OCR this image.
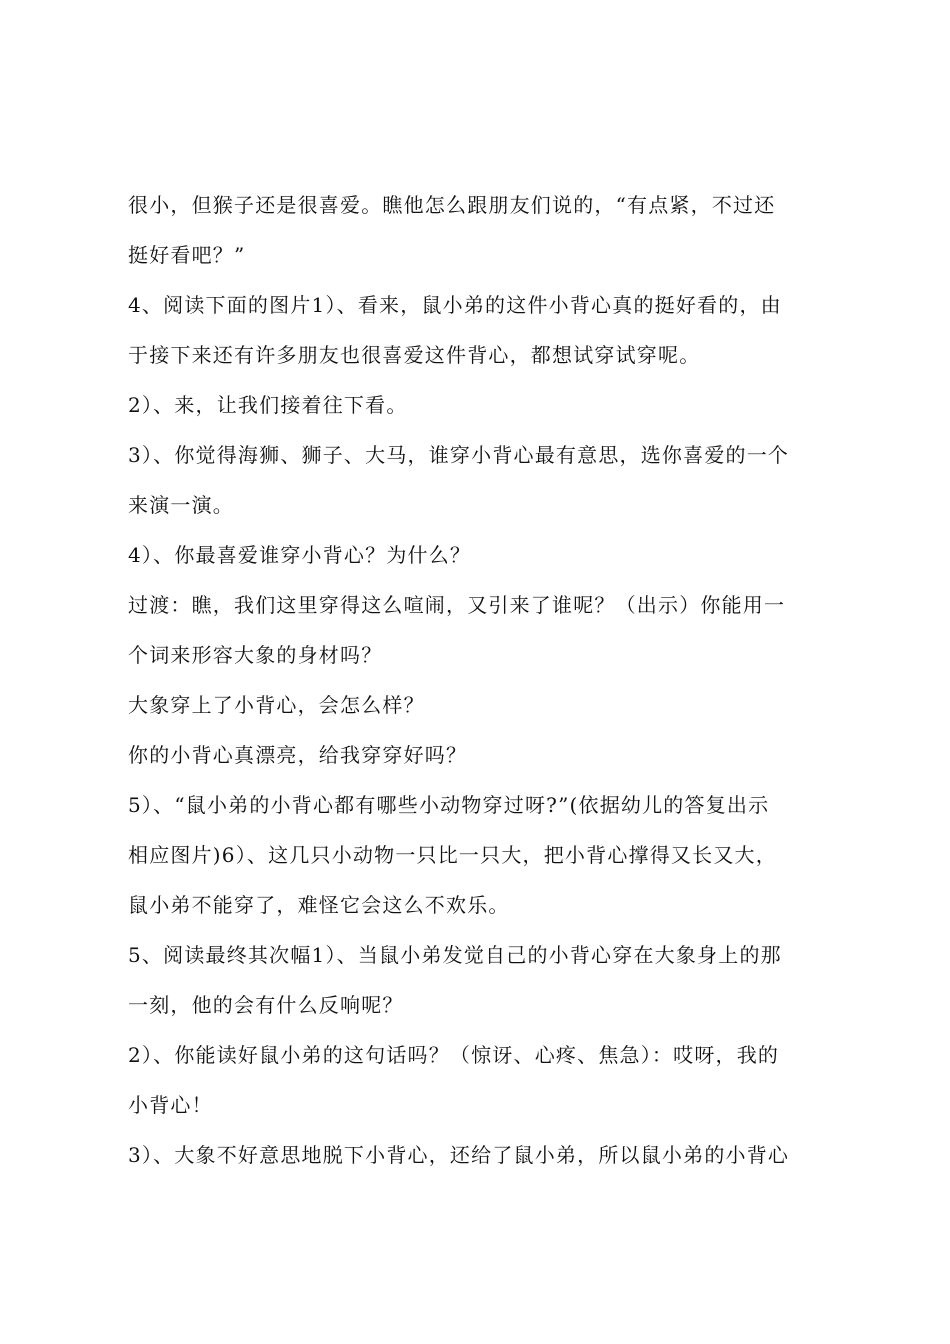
很小，但猴子还是很喜爱。瞧他怎么跟朋友们说的，“有点紧，不过还
挺好看吧？”
4、阅读下面的图片1）、看来，鼠小弟的这件小背心真的挺好看的，由
于接下来还有许多朋友也很喜爱这件背心，都想试穿试穿呢。
2）、来，让我们接着往下看。
3）、你觉得海狮、狮子、大马，谁穿小背心最有意思，选你喜爱的一个
来演一演。
4）、你最喜爱谁穿小背心？为什么？
过渡：瞧，我们这里穿得这么喧闹，又引来了谁呢？（出示）你能用一
个词来形容大象的身材吗？
大象穿上了小背心，会怎么样？
你的小背心真漂亮，给我穿穿好吗？
5）、“鼠小弟的小背心都有哪些小动物穿过呀?”(依据幼儿的答复出示
相应图片)6）、这几只小动物一只比一只大，把小背心撑得又长又大，
鼠小弟不能穿了，难怪它会这么不欢乐。
5、阅读最终其次幅1）、当鼠小弟发觉自己的小背心穿在大象身上的那
一刻，他的会有什么反响呢？
2）、你能读好鼠小弟的这句话吗？（惊讶、心疼、焦急）：哎呀，我的
小背心！
3）、大象不好意思地脱下小背心，还给了鼠小弟，所以鼠小弟的小背心
